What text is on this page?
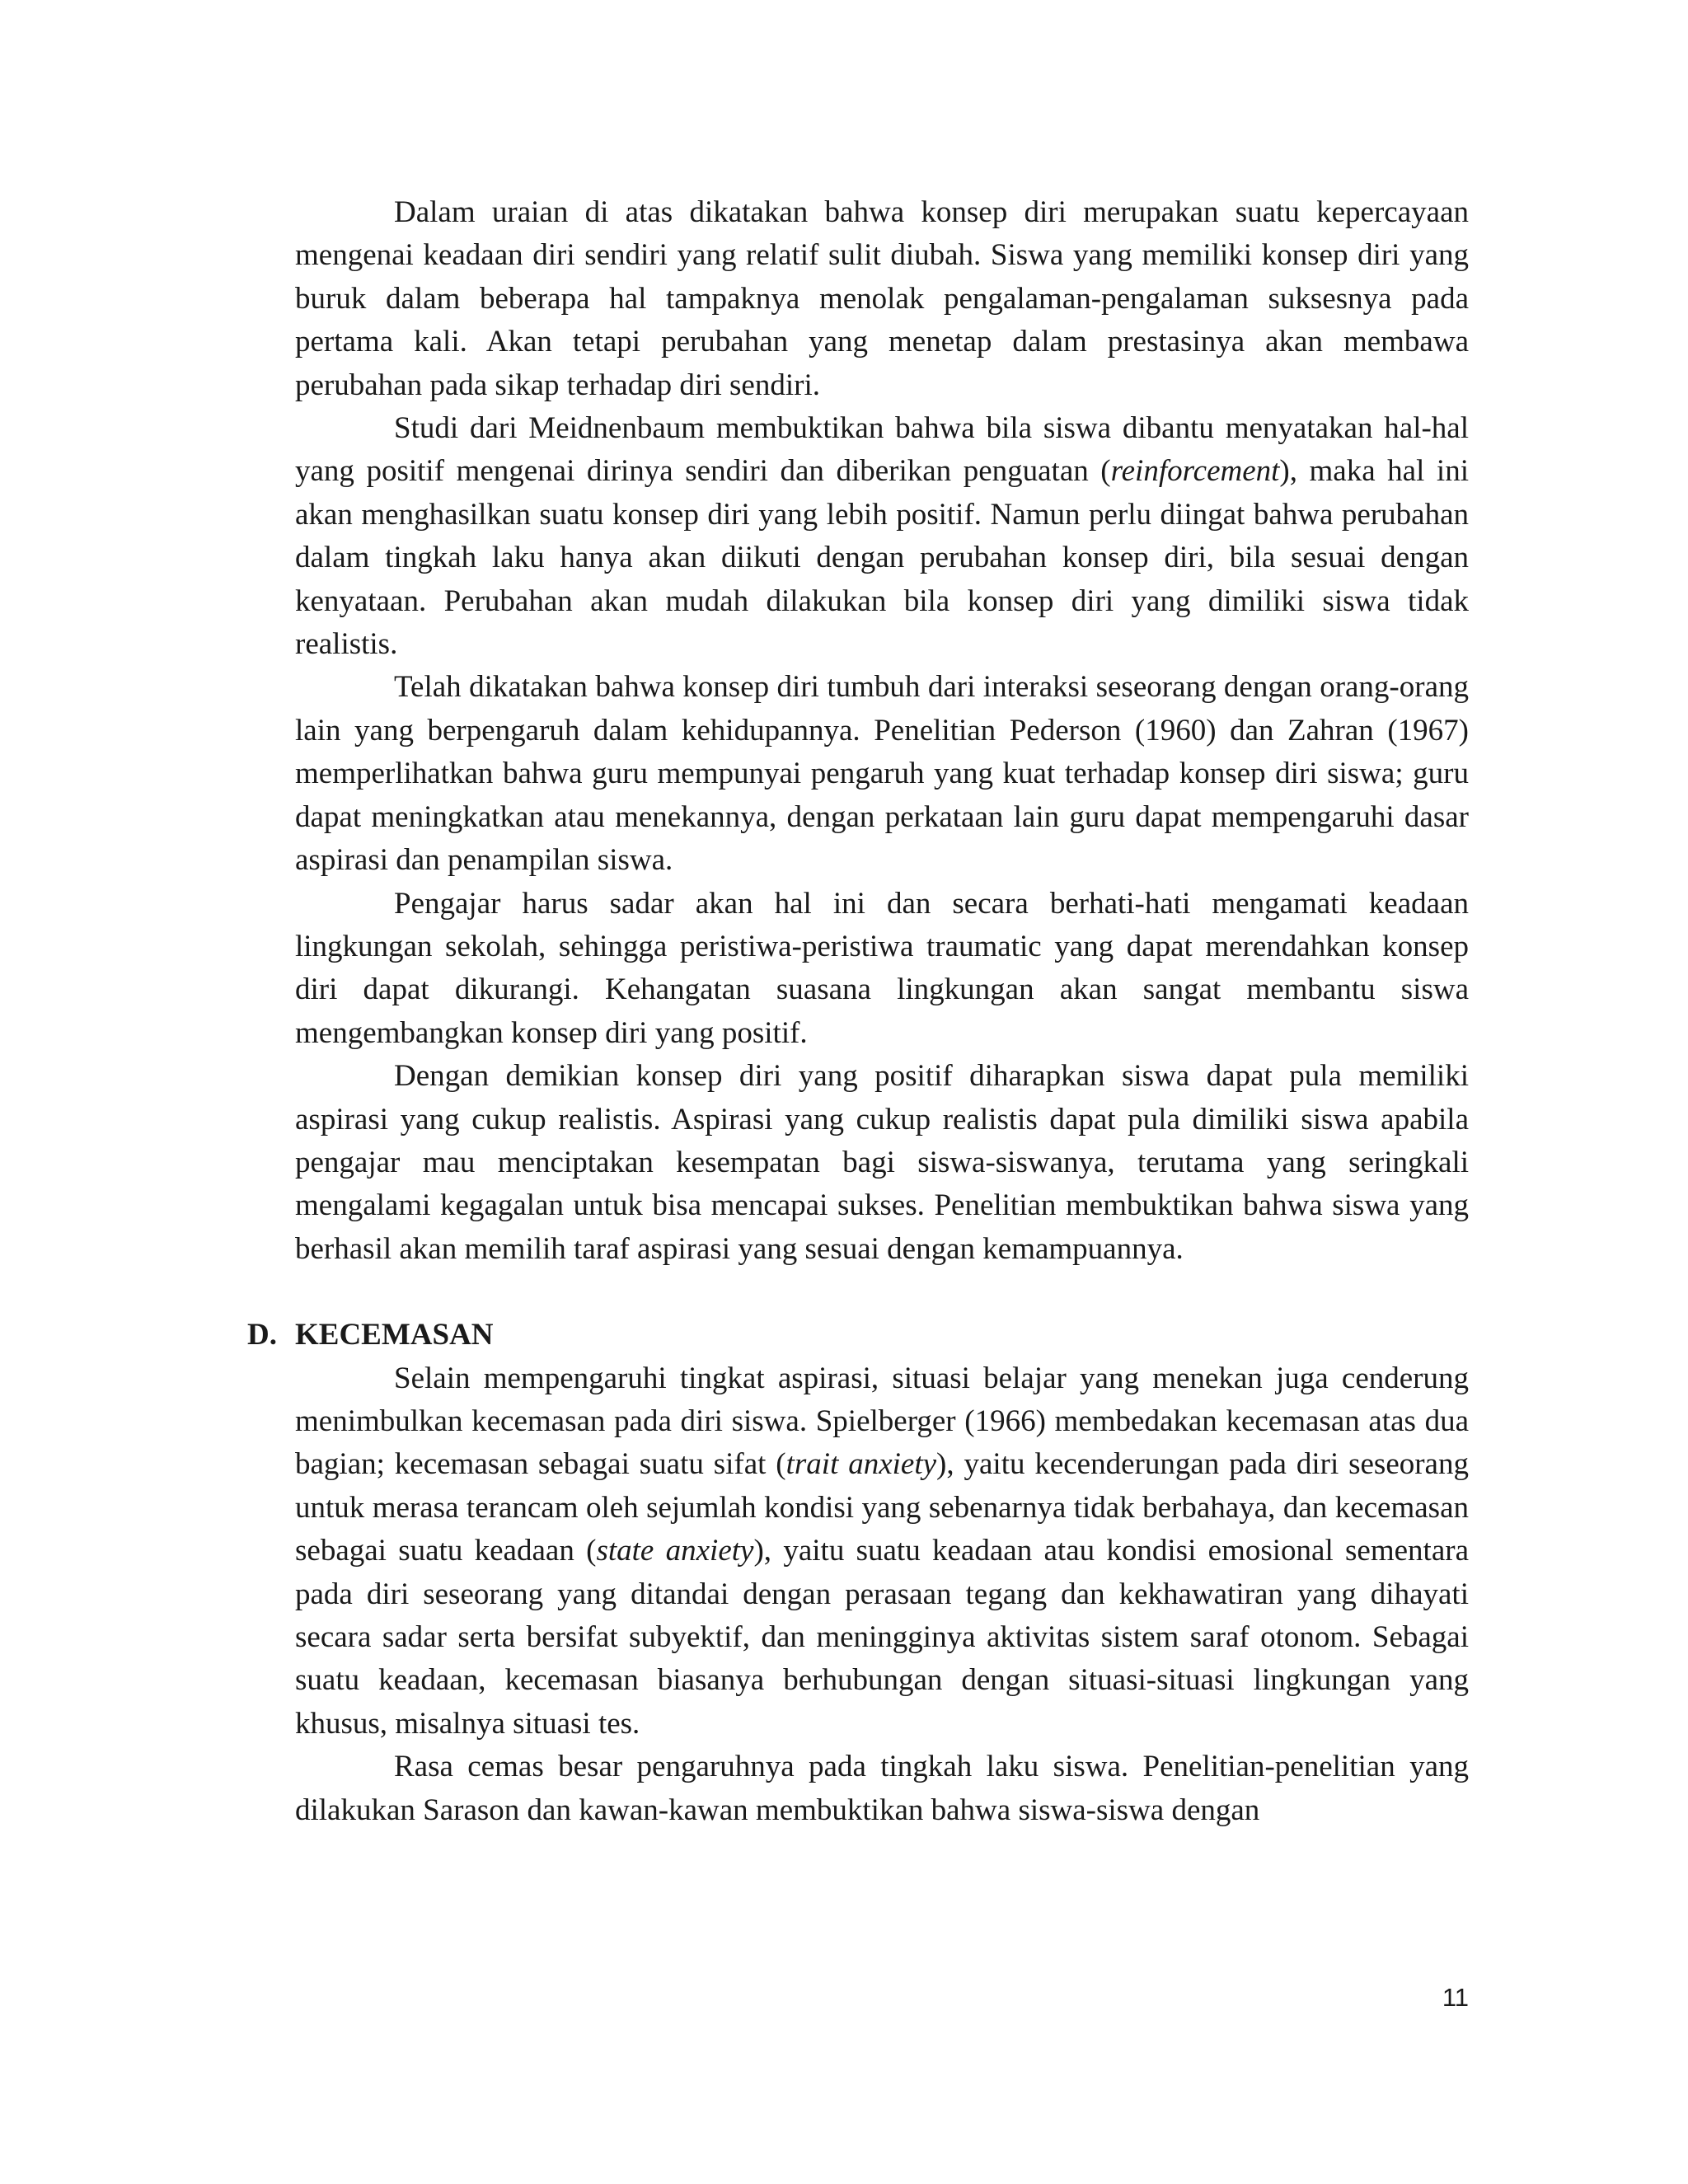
Dalam uraian di atas dikatakan bahwa konsep diri merupakan suatu kepercayaan mengenai keadaan diri sendiri yang relatif sulit diubah. Siswa yang memiliki konsep diri yang buruk dalam beberapa hal tampaknya menolak pengalaman-pengalaman suksesnya pada pertama kali. Akan tetapi perubahan yang menetap dalam prestasinya akan membawa perubahan pada sikap terhadap diri sendiri.

Studi dari Meidnenbaum membuktikan bahwa bila siswa dibantu menyatakan hal-hal yang positif mengenai dirinya sendiri dan diberikan penguatan (reinforcement), maka hal ini akan menghasilkan suatu konsep diri yang lebih positif. Namun perlu diingat bahwa perubahan dalam tingkah laku hanya akan diikuti dengan perubahan konsep diri, bila sesuai dengan kenyataan. Perubahan akan mudah dilakukan bila konsep diri yang dimiliki siswa tidak realistis.

Telah dikatakan bahwa konsep diri tumbuh dari interaksi seseorang dengan orang-orang lain yang berpengaruh dalam kehidupannya. Penelitian Pederson (1960) dan Zahran (1967) memperlihatkan bahwa guru mempunyai pengaruh yang kuat terhadap konsep diri siswa; guru dapat meningkatkan atau menekannya, dengan perkataan lain guru dapat mempengaruhi dasar aspirasi dan penampilan siswa.

Pengajar harus sadar akan hal ini dan secara berhati-hati mengamati keadaan lingkungan sekolah, sehingga peristiwa-peristiwa traumatic yang dapat merendahkan konsep diri dapat dikurangi. Kehangatan suasana lingkungan akan sangat membantu siswa mengembangkan konsep diri yang positif.

Dengan demikian konsep diri yang positif diharapkan siswa dapat pula memiliki aspirasi yang cukup realistis. Aspirasi yang cukup realistis dapat pula dimiliki siswa apabila pengajar mau menciptakan kesempatan bagi siswa-siswanya, terutama yang seringkali mengalami kegagalan untuk bisa mencapai sukses. Penelitian membuktikan bahwa siswa yang berhasil akan memilih taraf aspirasi yang sesuai dengan kemampuannya.

D. KECEMASAN

Selain mempengaruhi tingkat aspirasi, situasi belajar yang menekan juga cenderung menimbulkan kecemasan pada diri siswa. Spielberger (1966) membedakan kecemasan atas dua bagian; kecemasan sebagai suatu sifat (trait anxiety), yaitu kecenderungan pada diri seseorang untuk merasa terancam oleh sejumlah kondisi yang sebenarnya tidak berbahaya, dan kecemasan sebagai suatu keadaan (state anxiety), yaitu suatu keadaan atau kondisi emosional sementara pada diri seseorang yang ditandai dengan perasaan tegang dan kekhawatiran yang dihayati secara sadar serta bersifat subyektif, dan meningginya aktivitas sistem saraf otonom. Sebagai suatu keadaan, kecemasan biasanya berhubungan dengan situasi-situasi lingkungan yang khusus, misalnya situasi tes.

Rasa cemas besar pengaruhnya pada tingkah laku siswa. Penelitian-penelitian yang dilakukan Sarason dan kawan-kawan membuktikan bahwa siswa-siswa dengan

11
